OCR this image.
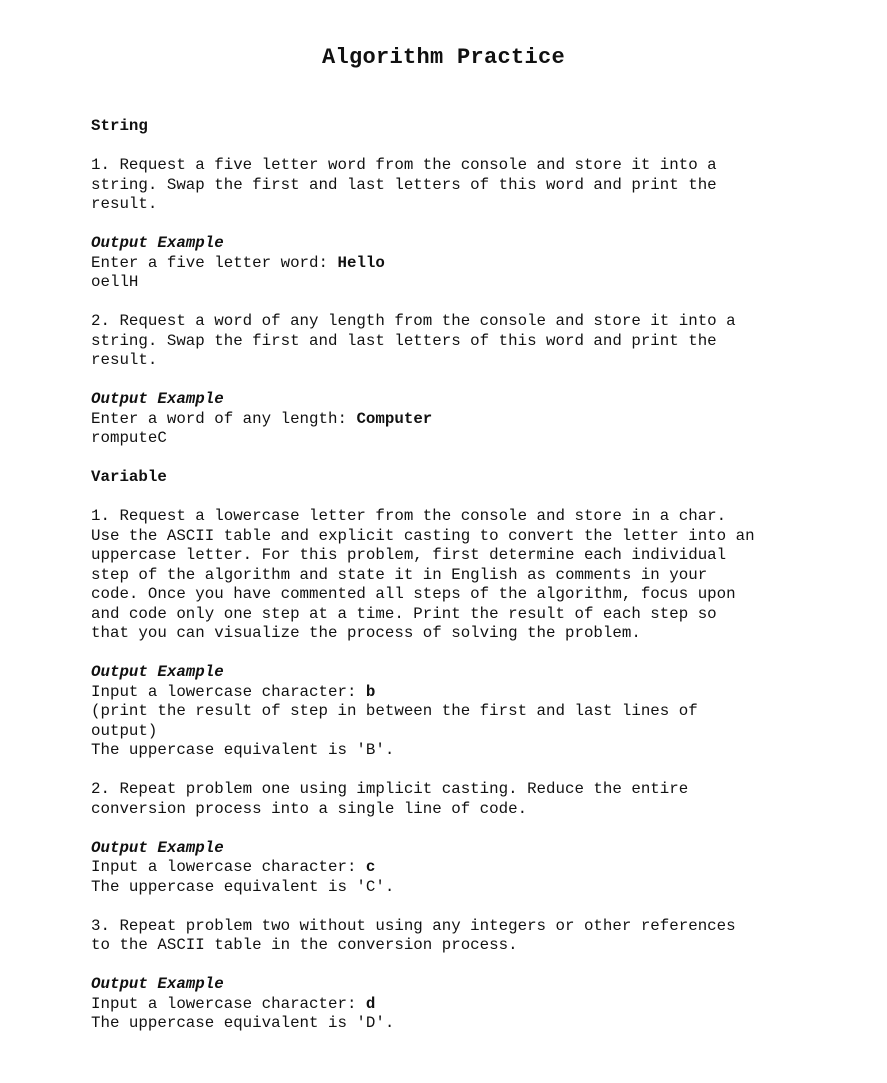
Algorithm Practice
String
1. Request a five letter word from the console and store it into a
string. Swap the first and last letters of this word and print the
result.
Output Example
Enter a five letter word: Hello
oellH
2. Request a word of any length from the console and store it into a
string. Swap the first and last letters of this word and print the
result.
Output Example
Enter a word of any length: Computer
romputeC
Variable
1. Request a lowercase letter from the console and store in a char.
Use the ASCII table and explicit casting to convert the letter into an
uppercase letter. For this problem, first determine each individual
step of the algorithm and state it in English as comments in your
code. Once you have commented all steps of the algorithm, focus upon
and code only one step at a time. Print the result of each step so
that you can visualize the process of solving the problem.
Output Example
Input a lowercase character: b
(print the result of step in between the first and last lines of
output)
The uppercase equivalent is 'B'.
2. Repeat problem one using implicit casting. Reduce the entire
conversion process into a single line of code.
Output Example
Input a lowercase character: c
The uppercase equivalent is 'C'.
3. Repeat problem two without using any integers or other references
to the ASCII table in the conversion process.
Output Example
Input a lowercase character: d
The uppercase equivalent is 'D'.
